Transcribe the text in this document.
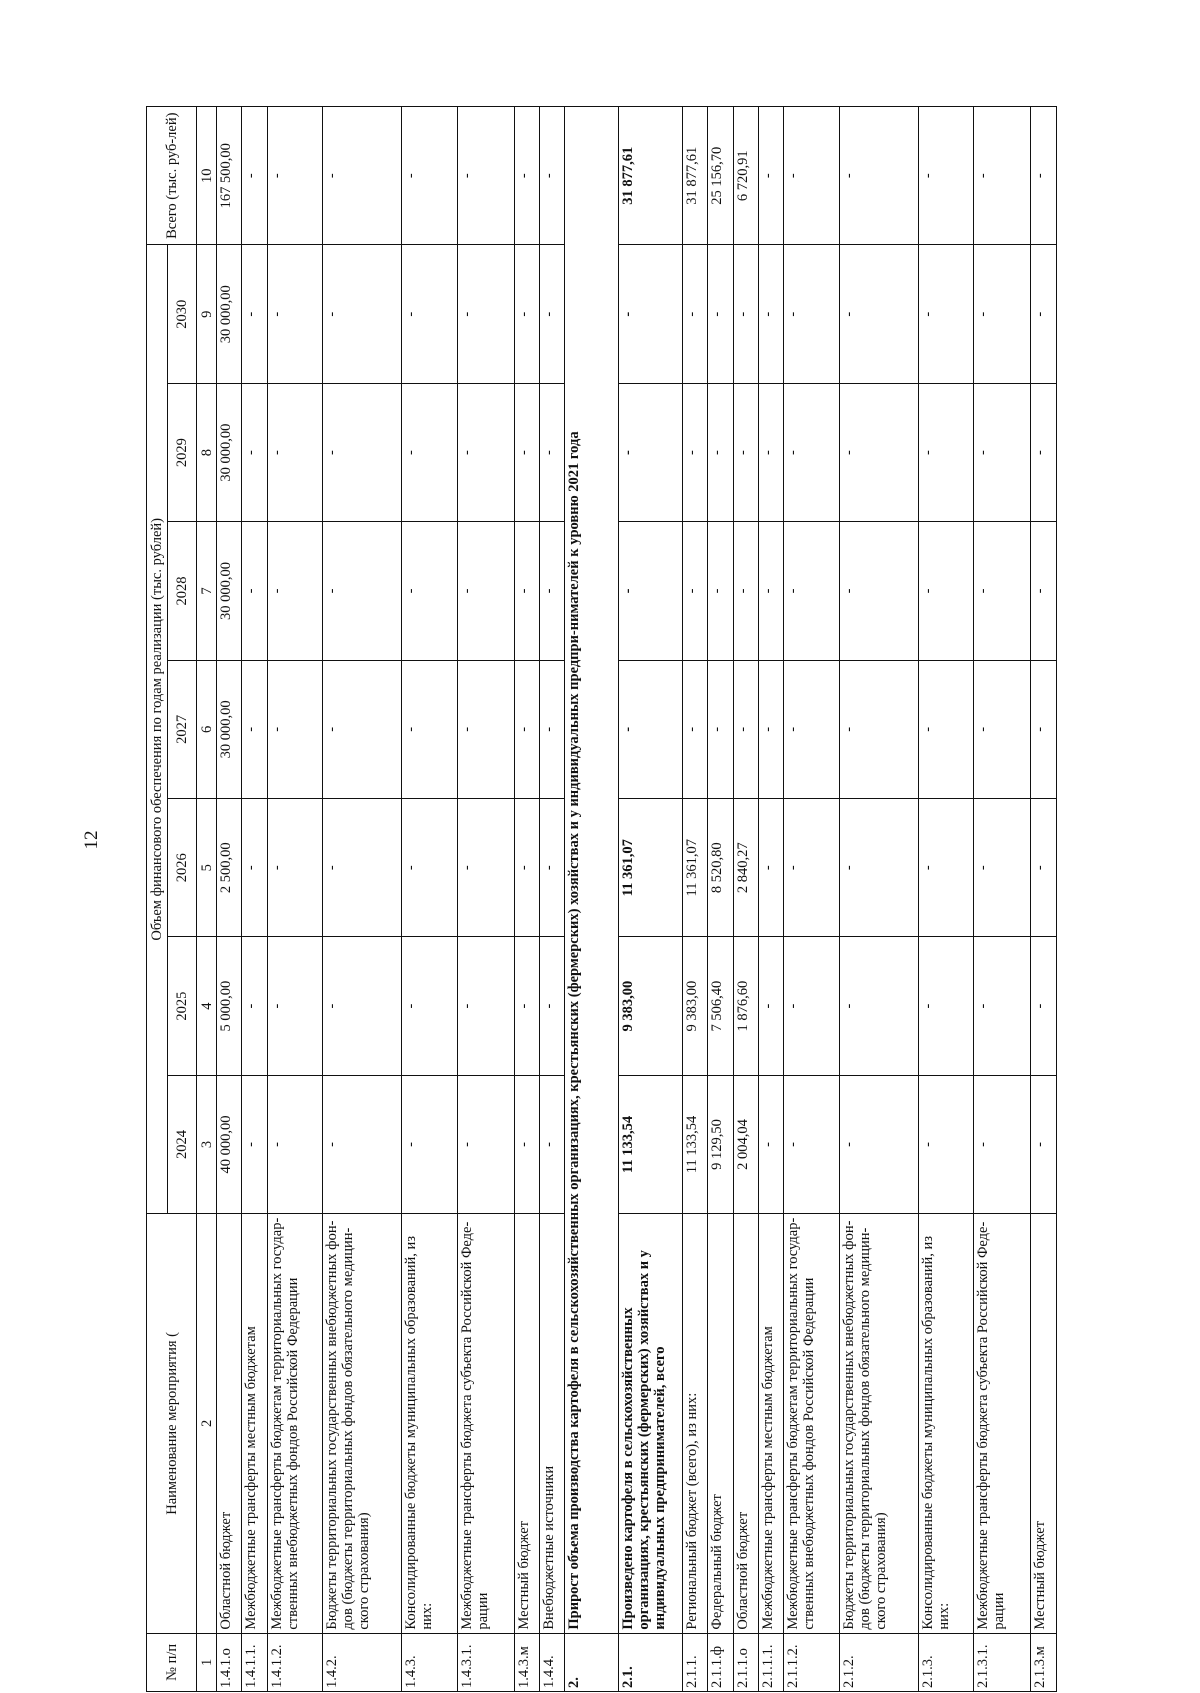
12
№ п/п	Наименование мероприятия (	Объем финансового обеспечения по годам реализации (тыс. рублей)							Всего (тыс. руб-лей)
		2024	2025	2026	2027	2028	2029	2030	
1	2	3	4	5	6	7	8	9	10
1.4.1.о	Областной бюджет	40 000,00	5 000,00	2 500,00	30 000,00	30 000,00	30 000,00	30 000,00	167 500,00
1.4.1.1.	Межбюджетные трансферты местным бюджетам	-	-	-	-	-	-	-	-
1.4.1.2.	Межбюджетные трансферты бюджетам территориальных государ-ственных внебюджетных фондов Российской Федерации	-	-	-	-	-	-	-	-
1.4.2.	Бюджеты территориальных государственных внебюджетных фон-дов (бюджеты территориальных фондов обязательного медицин-ского страхования)	-	-	-	-	-	-	-	-
1.4.3.	Консолидированные бюджеты муниципальных образований, из них:	-	-	-	-	-	-	-	-
1.4.3.1.	Межбюджетные трансферты бюджета субъекта Российской Феде-рации	-	-	-	-	-	-	-	-
1.4.3.м	Местный бюджет	-	-	-	-	-	-	-	-
1.4.4.	Внебюджетные источники	-	-	-	-	-	-	-	-
2.	Прирост объема производства картофеля в сельскохозяйственных организациях, крестьянских (фермерских) хозяйствах и у индивидуальных предпри-нимателей к уровню 2021 года								
2.1.	Произведено картофеля в сельскохозяйственных организациях, крестьянских (фермерских) хозяйствах и у индивидуальных предпринимателей, всего	11 133,54	9 383,00	11 361,07	-	-	-	-	31 877,61
2.1.1.	Региональный бюджет (всего), из них:	11 133,54	9 383,00	11 361,07	-	-	-	-	31 877,61
2.1.1.ф	Федеральный бюджет	9 129,50	7 506,40	8 520,80	-	-	-	-	25 156,70
2.1.1.о	Областной бюджет	2 004,04	1 876,60	2 840,27	-	-	-	-	6 720,91
2.1.1.1.	Межбюджетные трансферты местным бюджетам	-	-	-	-	-	-	-	-
2.1.1.2.	Межбюджетные трансферты бюджетам территориальных государ-ственных внебюджетных фондов Российской Федерации	-	-	-	-	-	-	-	-
2.1.2.	Бюджеты территориальных государственных внебюджетных фон-дов (бюджеты территориальных фондов обязательного медицин-ского страхования)	-	-	-	-	-	-	-	-
2.1.3.	Консолидированные бюджеты муниципальных образований, из них:	-	-	-	-	-	-	-	-
2.1.3.1.	Межбюджетные трансферты бюджета субъекта Российской Феде-рации	-	-	-	-	-	-	-	-
2.1.3.м	Местный бюджет	-	-	-	-	-	-	-	-
